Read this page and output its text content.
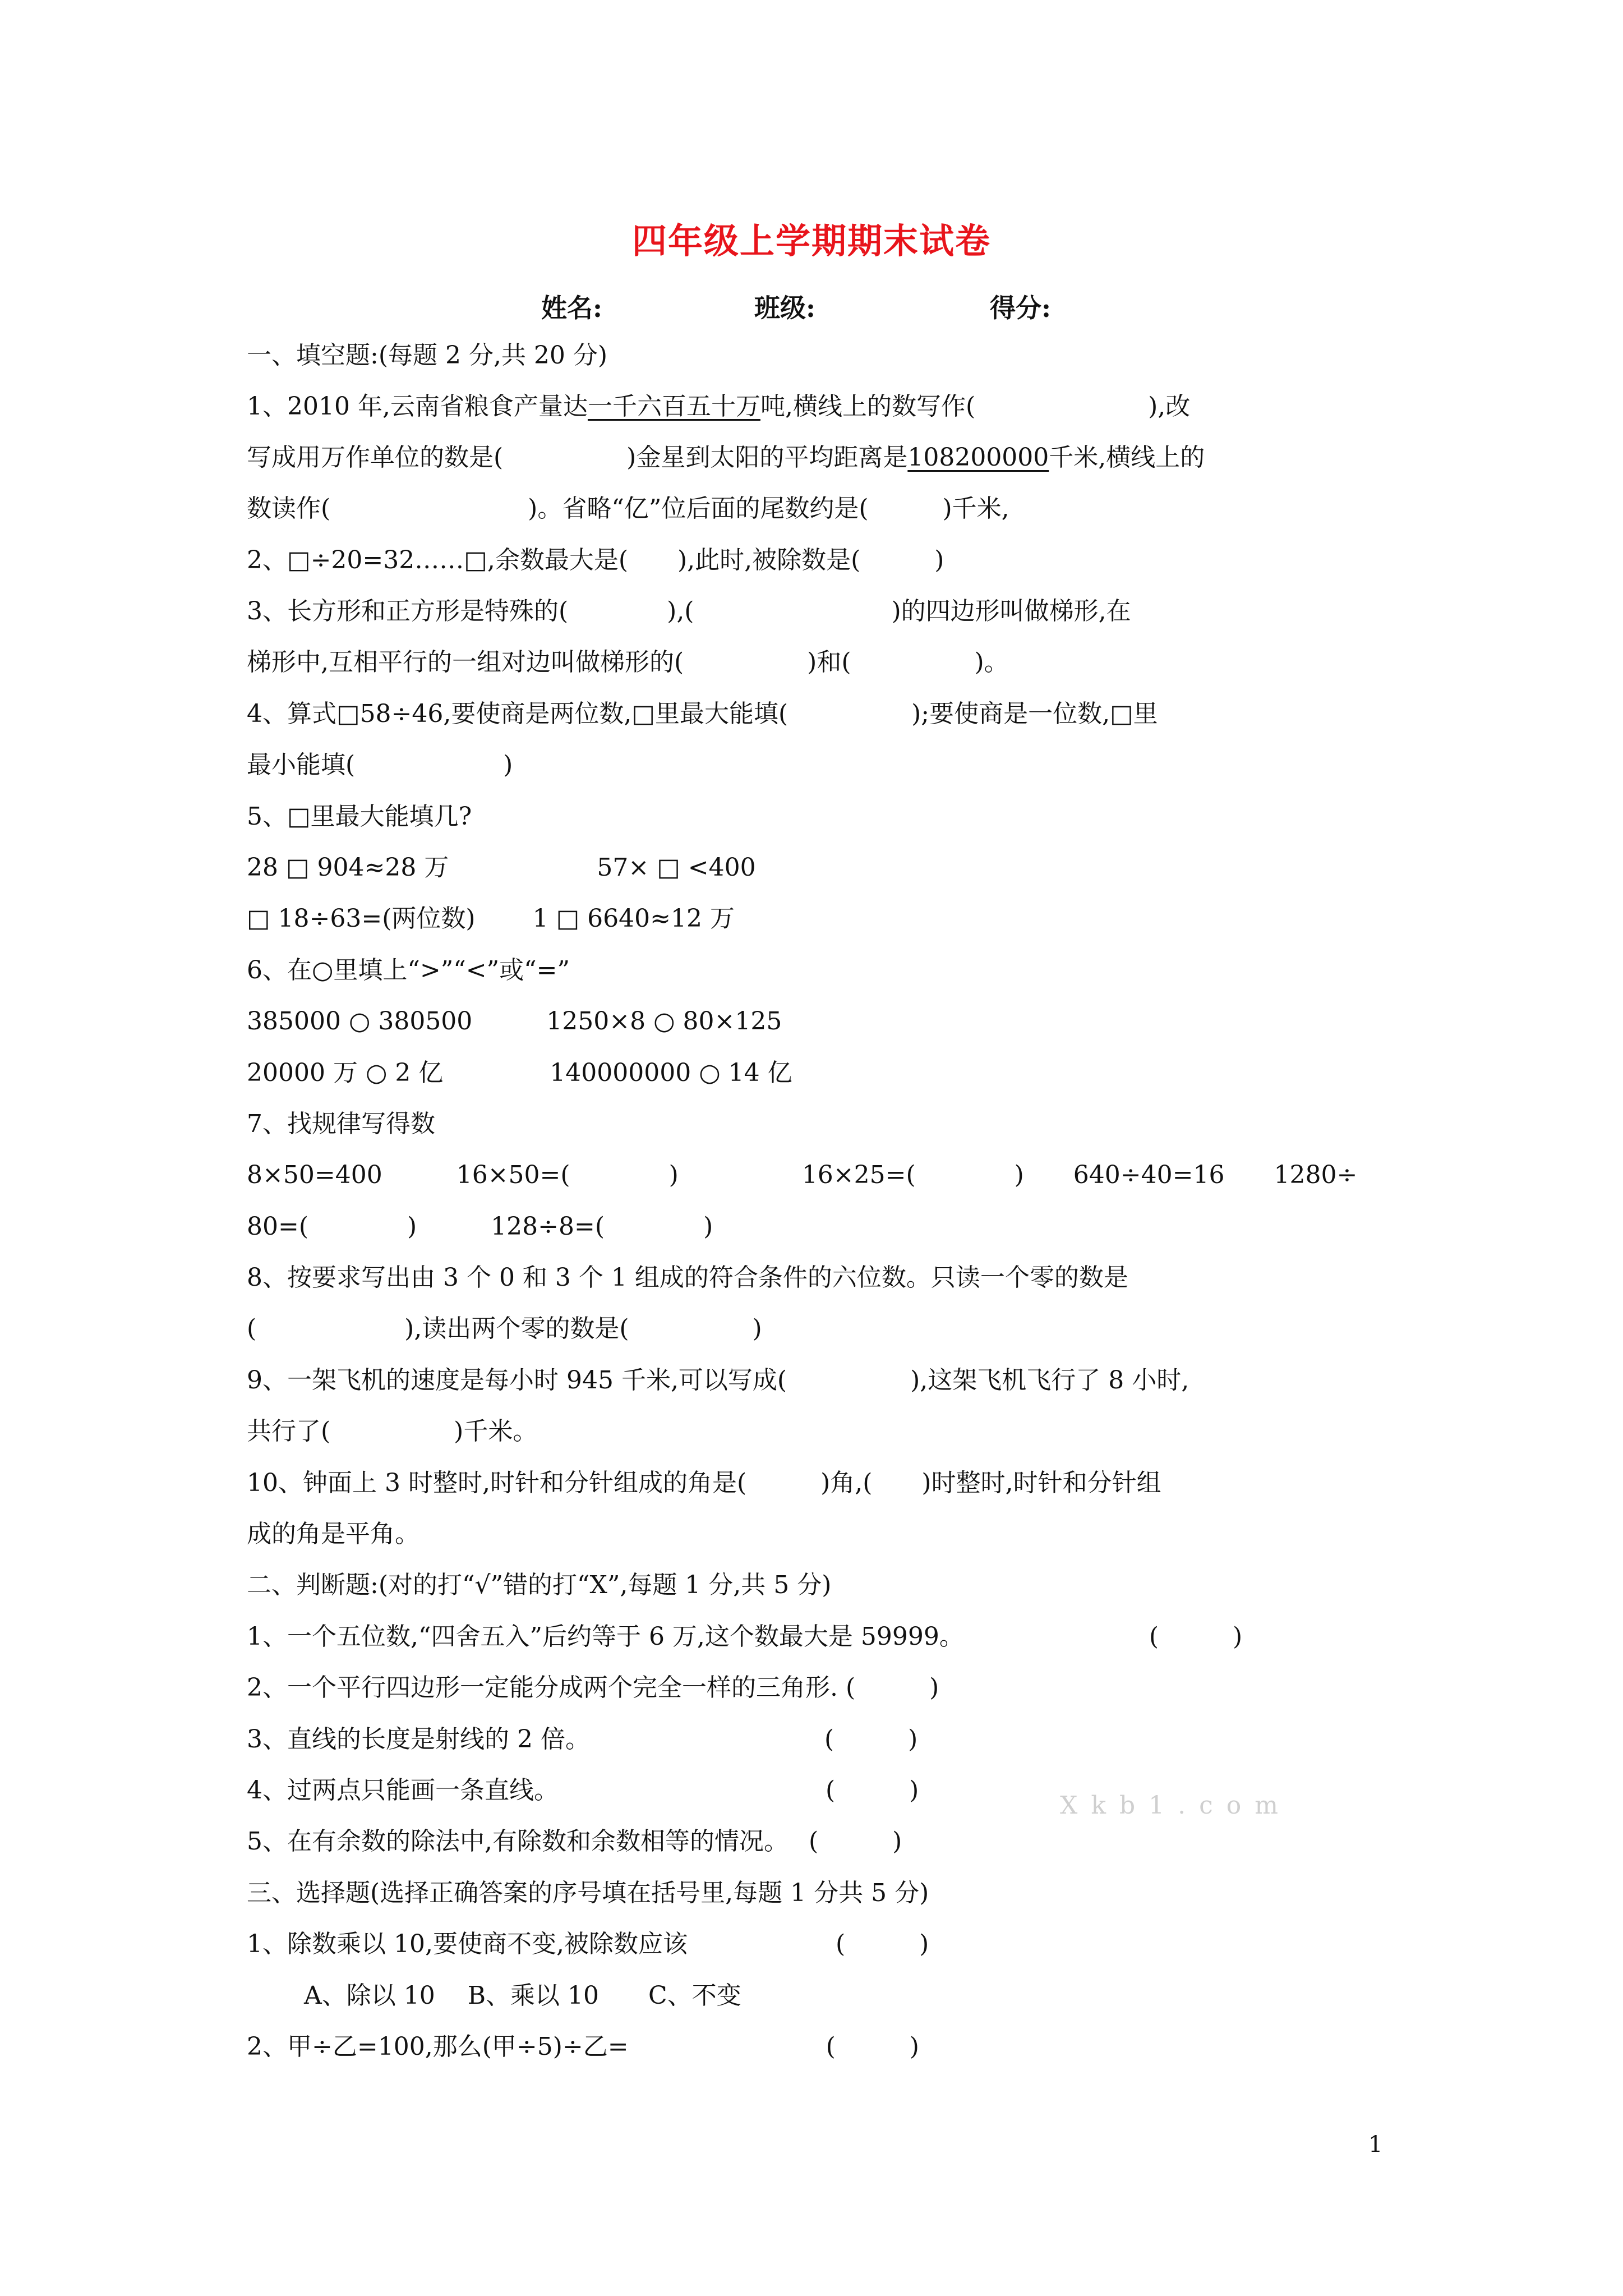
四年级上学期期末试卷
姓名:	班级:	得分:
一、填空题:(每题 2 分,共 20 分)
1、2010 年,云南省粮食产量达一千六百五十万吨,横线上的数写作(　　　　　　　),改
写成用万作单位的数是(　　　　　)金星到太阳的平均距离是108200000千米,横线上的
数读作(　　　　　　　　)。省略“亿”位后面的尾数约是(　　　)千米,
2、□÷20=32……□,余数最大是(　　),此时,被除数是(　　　)
3、长方形和正方形是特殊的(　　　　),(　　　　　　　　)的四边形叫做梯形,在
梯形中,互相平行的一组对边叫做梯形的(　　　　　)和(　　　　　)。
4、算式□58÷46,要使商是两位数,□里最大能填(　　　　　);要使商是一位数,□里
最小能填(　　　　　　)
5、□里最大能填几?
28 □ 904≈28 万　　　　　　57× □ <400
□ 18÷63=(两位数)　　 1 □ 6640≈12 万
6、在○里填上“>”“<”或“=”
385000 ○ 380500　　　1250×8 ○ 80×125
20000 万 ○ 2 亿　　　　 140000000 ○ 14 亿
7、找规律写得数
8×50=400　　　16×50=(　　　　)　　　　　16×25=(　　　　)　　640÷40=16　　1280÷
80=(　　　　)　　　128÷8=(　　　　)
8、按要求写出由 3 个 0 和 3 个 1 组成的符合条件的六位数。只读一个零的数是
(　　　　　　),读出两个零的数是(　　　　　)
9、一架飞机的速度是每小时 945 千米,可以写成(　　　　　),这架飞机飞行了 8 小时,
共行了(　　　　　)千米。
10、钟面上 3 时整时,时针和分针组成的角是(　　　)角,(　　)时整时,时针和分针组
成的角是平角。
二、判断题:(对的打“√”错的打“X”,每题 1 分,共 5 分)
1、一个五位数,“四舍五入”后约等于 6 万,这个数最大是 59999。　　　　　　　　(　　　)
2、一个平行四边形一定能分成两个完全一样的三角形. (　　　)
3、直线的长度是射线的 2 倍。　　　　　　　　　　(　　　)
4、过两点只能画一条直线。　　　　　　　　　　　 (　　　)
5、在有余数的除法中,有除数和余数相等的情况。　 (　　　)
三、选择题(选择正确答案的序号填在括号里,每题 1 分共 5 分)
1、除数乘以 10,要使商不变,被除数应该　　　　　　(　　　)
　　 A、除以 10　 B、乘以 10　　C、不变
2、甲÷乙=100,那么(甲÷5)÷乙=　　　　　　　　(　　　)
Xkb1.com
1
